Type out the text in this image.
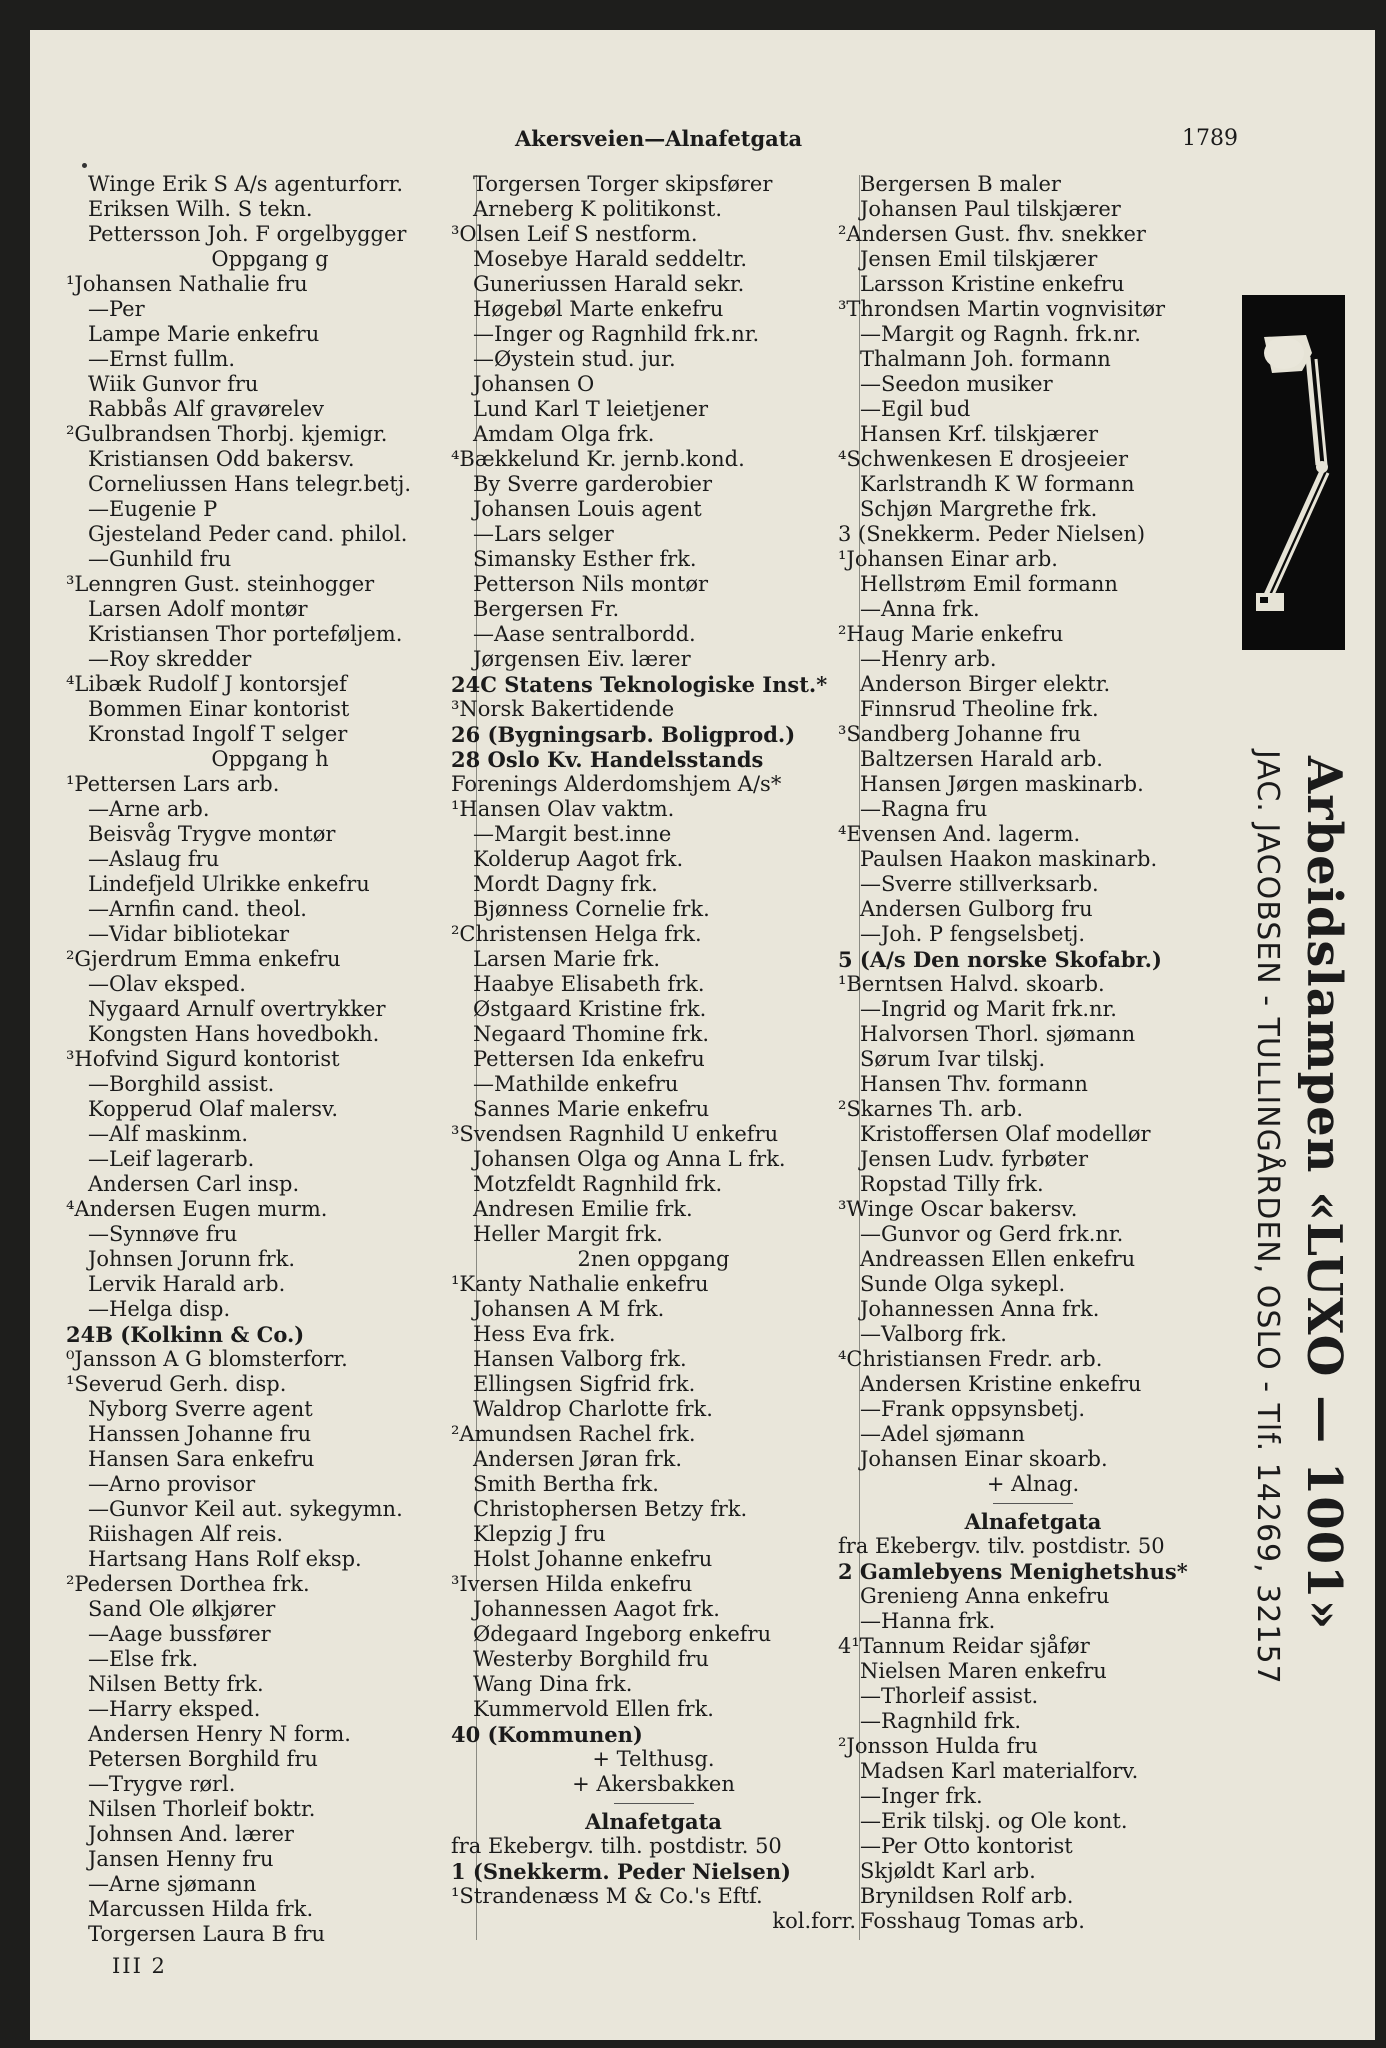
Akersveien—Alnafetgata	1789
Winge Erik S A/s agenturforr.
Eriksen Wilh. S tekn.
Pettersson Joh. F orgelbygger
Oppgang g
¹Johansen Nathalie fru
—Per
Lampe Marie enkefru
—Ernst fullm.
Wiik Gunvor fru
Rabbås Alf gravørelev
²Gulbrandsen Thorbj. kjemigr.
Kristiansen Odd bakersv.
Corneliussen Hans telegr.betj.
—Eugenie P
Gjesteland Peder cand. philol.
—Gunhild fru
³Lenngren Gust. steinhogger
Larsen Adolf montør
Kristiansen Thor porteføljem.
—Roy skredder
⁴Libæk Rudolf J kontorsjef
Bommen Einar kontorist
Kronstad Ingolf T selger
Oppgang h
¹Pettersen Lars arb.
—Arne arb.
Beisvåg Trygve montør
—Aslaug fru
Lindefjeld Ulrikke enkefru
—Arnfin cand. theol.
—Vidar bibliotekar
²Gjerdrum Emma enkefru
—Olav eksped.
Nygaard Arnulf overtrykker
Kongsten Hans hovedbokh.
³Hofvind Sigurd kontorist
—Borghild assist.
Kopperud Olaf malersv.
—Alf maskinm.
—Leif lagerarb.
Andersen Carl insp.
⁴Andersen Eugen murm.
—Synnøve fru
Johnsen Jorunn frk.
Lervik Harald arb.
—Helga disp.
24B (Kolkinn & Co.)
⁰Jansson A G blomsterforr.
¹Severud Gerh. disp.
Nyborg Sverre agent
Hanssen Johanne fru
Hansen Sara enkefru
—Arno provisor
—Gunvor Keil aut. sykegymn.
Riishagen Alf reis.
Hartsang Hans Rolf eksp.
²Pedersen Dorthea frk.
Sand Ole ølkjører
—Aage bussfører
—Else frk.
Nilsen Betty frk.
—Harry eksped.
Andersen Henry N form.
Petersen Borghild fru
—Trygve rørl.
Nilsen Thorleif boktr.
Johnsen And. lærer
Jansen Henny fru
—Arne sjømann
Marcussen Hilda frk.
Torgersen Laura B fru
Torgersen Torger skipsfører
Arneberg K politikonst.
³Olsen Leif S nestform.
Mosebye Harald seddeltr.
Guneriussen Harald sekr.
Høgebøl Marte enkefru
—Inger og Ragnhild frk.nr.
—Øystein stud. jur.
Johansen O
Lund Karl T leietjener
Amdam Olga frk.
⁴Bækkelund Kr. jernb.kond.
By Sverre garderobier
Johansen Louis agent
—Lars selger
Simansky Esther frk.
Petterson Nils montør
Bergersen Fr.
—Aase sentralbordd.
Jørgensen Eiv. lærer
24C Statens Teknologiske Inst.*
³Norsk Bakertidende
26 (Bygningsarb. Boligprod.)
28 Oslo Kv. Handelsstands
Forenings Alderdomshjem A/s*
¹Hansen Olav vaktm.
—Margit best.inne
Kolderup Aagot frk.
Mordt Dagny frk.
Bjønness Cornelie frk.
²Christensen Helga frk.
Larsen Marie frk.
Haabye Elisabeth frk.
Østgaard Kristine frk.
Negaard Thomine frk.
Pettersen Ida enkefru
—Mathilde enkefru
Sannes Marie enkefru
³Svendsen Ragnhild U enkefru
Johansen Olga og Anna L frk.
Motzfeldt Ragnhild frk.
Andresen Emilie frk.
Heller Margit frk.
2nen oppgang
¹Kanty Nathalie enkefru
Johansen A M frk.
Hess Eva frk.
Hansen Valborg frk.
Ellingsen Sigfrid frk.
Waldrop Charlotte frk.
²Amundsen Rachel frk.
Andersen Jøran frk.
Smith Bertha frk.
Christophersen Betzy frk.
Klepzig J fru
Holst Johanne enkefru
³Iversen Hilda enkefru
Johannessen Aagot frk.
Ødegaard Ingeborg enkefru
Westerby Borghild fru
Wang Dina frk.
Kummervold Ellen frk.
40 (Kommunen)
+ Telthusg.
+ Akersbakken
Alnafetgata
fra Ekebergv. tilh. postdistr. 50
1 (Snekkerm. Peder Nielsen)
¹Strandenæss M & Co.'s Eftf.
kol.forr.
Bergersen B maler
Johansen Paul tilskjærer
²Andersen Gust. fhv. snekker
Jensen Emil tilskjærer
Larsson Kristine enkefru
³Throndsen Martin vognvisitør
—Margit og Ragnh. frk.nr.
Thalmann Joh. formann
—Seedon musiker
—Egil bud
Hansen Krf. tilskjærer
⁴Schwenkesen E drosjeeier
Karlstrandh K W formann
Schjøn Margrethe frk.
3 (Snekkerm. Peder Nielsen)
¹Johansen Einar arb.
Hellstrøm Emil formann
—Anna frk.
²Haug Marie enkefru
—Henry arb.
Anderson Birger elektr.
Finnsrud Theoline frk.
³Sandberg Johanne fru
Baltzersen Harald arb.
Hansen Jørgen maskinarb.
—Ragna fru
⁴Evensen And. lagerm.
Paulsen Haakon maskinarb.
—Sverre stillverksarb.
Andersen Gulborg fru
—Joh. P fengselsbetj.
5 (A/s Den norske Skofabr.)
¹Berntsen Halvd. skoarb.
—Ingrid og Marit frk.nr.
Halvorsen Thorl. sjømann
Sørum Ivar tilskj.
Hansen Thv. formann
²Skarnes Th. arb.
Kristoffersen Olaf modellør
Jensen Ludv. fyrbøter
Ropstad Tilly frk.
³Winge Oscar bakersv.
—Gunvor og Gerd frk.nr.
Andreassen Ellen enkefru
Sunde Olga sykepl.
Johannessen Anna frk.
—Valborg frk.
⁴Christiansen Fredr. arb.
Andersen Kristine enkefru
—Frank oppsynsbetj.
—Adel sjømann
Johansen Einar skoarb.
+ Alnag.
Alnafetgata
fra Ekebergv. tilv. postdistr. 50
2 Gamlebyens Menighetshus*
Grenieng Anna enkefru
—Hanna frk.
4¹Tannum Reidar sjåfør
Nielsen Maren enkefru
—Thorleif assist.
—Ragnhild frk.
²Jonsson Hulda fru
Madsen Karl materialforv.
—Inger frk.
—Erik tilskj. og Ole kont.
—Per Otto kontorist
Skjøldt Karl arb.
Brynildsen Rolf arb.
Fosshaug Tomas arb.
Arbeidslampen «LUXO — 1001»
JAC. JACOBSEN - TULLINGÅRDEN, OSLO - Tlf. 14269, 32157
III 2
